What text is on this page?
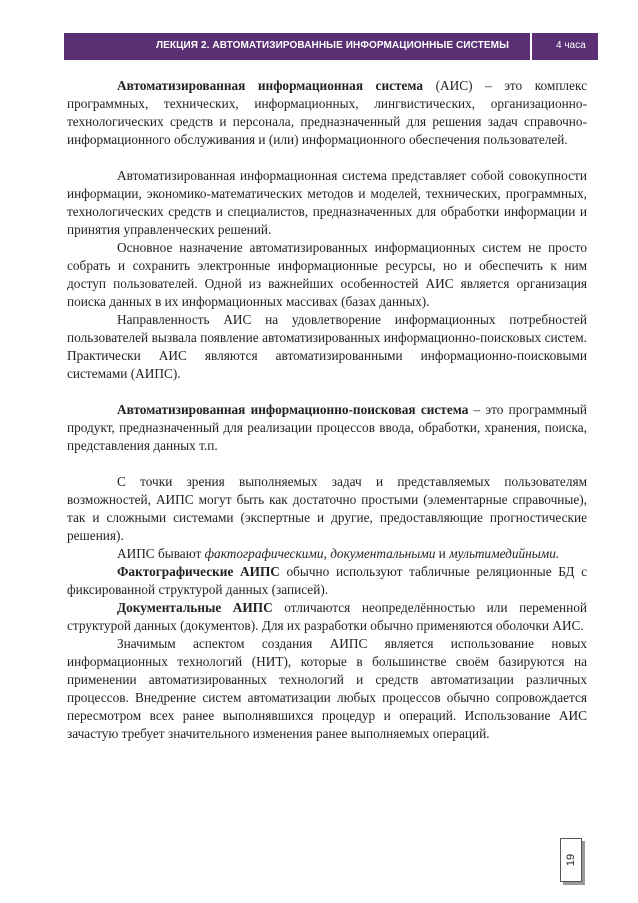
ЛЕКЦИЯ 2. АВТОМАТИЗИРОВАННЫЕ ИНФОРМАЦИОННЫЕ СИСТЕМЫ	4 часа

Автоматизированная информационная система (АИС) – это комплекс программных, технических, информационных, лингвистических, организационно-технологических средств и персонала, предназначенный для решения задач справочно-информационного обслуживания и (или) информационного обеспечения пользователей.

Автоматизированная информационная система представляет собой совокупности информации, экономико-математических методов и моделей, технических, программных, технологических средств и специалистов, предназначенных для обработки информации и принятия управленческих решений.

Основное назначение автоматизированных информационных систем не просто собрать и сохранить электронные информационные ресурсы, но и обеспечить к ним доступ пользователей. Одной из важнейших особенностей АИС является организация поиска данных в их информационных массивах (базах данных).

Направленность АИС на удовлетворение информационных потребностей пользователей вызвала появление автоматизированных информационно-поисковых систем. Практически АИС являются автоматизированными информационно-поисковыми системами (АИПС).

Автоматизированная информационно-поисковая система – это программный продукт, предназначенный для реализации процессов ввода, обработки, хранения, поиска, представления данных т.п.

С точки зрения выполняемых задач и представляемых пользователям возможностей, АИПС могут быть как достаточно простыми (элементарные справочные), так и сложными системами (экспертные и другие, предоставляющие прогностические решения).

АИПС бывают фактографическими, документальными и мультимедийными.

Фактографические АИПС обычно используют табличные реляционные БД с фиксированной структурой данных (записей).

Документальные АИПС отличаются неопределённостью или переменной структурой данных (документов). Для их разработки обычно применяются оболочки АИС.

Значимым аспектом создания АИПС является использование новых информационных технологий (НИТ), которые в большинстве своём базируются на применении автоматизированных технологий и средств автоматизации различных процессов. Внедрение систем автоматизации любых процессов обычно сопровождается пересмотром всех ранее выполнявшихся процедур и операций. Использование АИС зачастую требует значительного изменения ранее выполняемых операций.

19
